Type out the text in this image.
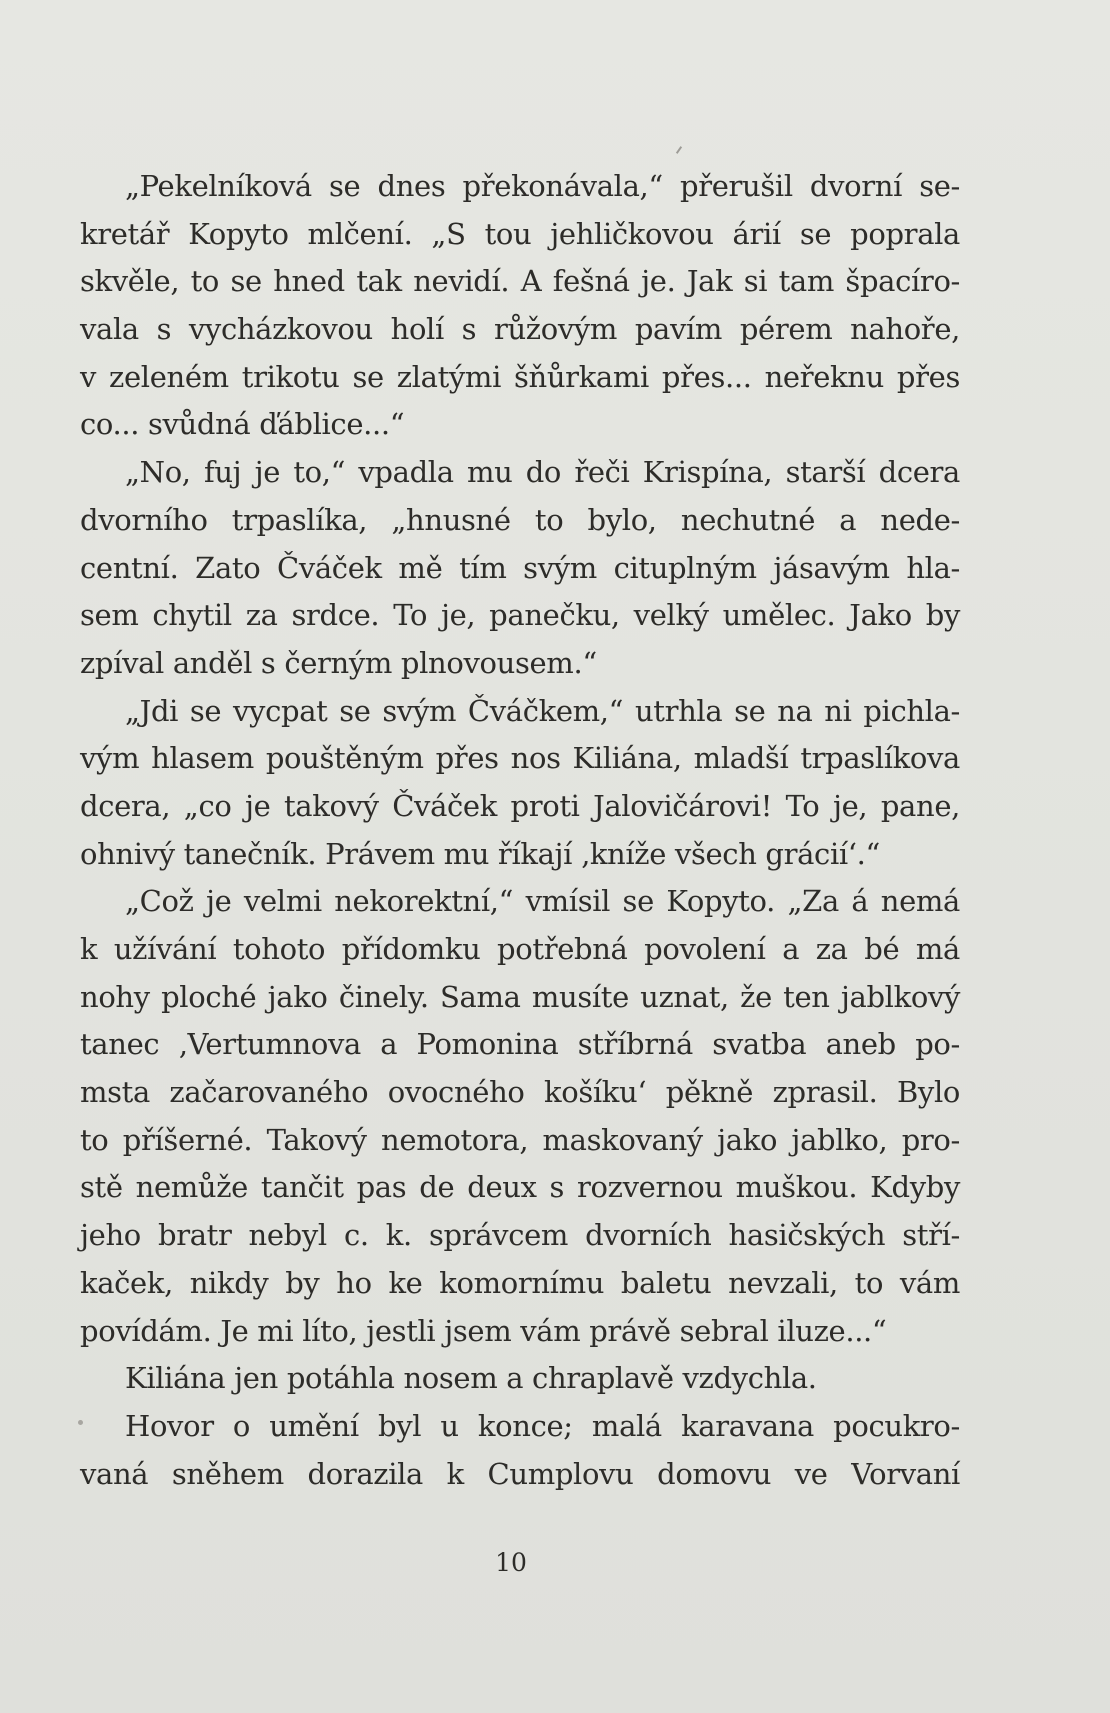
„Pekelníková se dnes překonávala,“ přerušil dvorní se-
kretář Kopyto mlčení. „S tou jehličkovou árií se poprala
skvěle, to se hned tak nevidí. A fešná je. Jak si tam špacíro-
vala s vycházkovou holí s růžovým pavím pérem nahoře,
v zeleném trikotu se zlatými šňůrkami přes... neřeknu přes
co... svůdná ďáblice...“
„No, fuj je to,“ vpadla mu do řeči Krispína, starší dcera
dvorního trpaslíka, „hnusné to bylo, nechutné a nede-
centní. Zato Čváček mě tím svým cituplným jásavým hla-
sem chytil za srdce. To je, panečku, velký umělec. Jako by
zpíval anděl s černým plnovousem.“
„Jdi se vycpat se svým Čváčkem,“ utrhla se na ni pichla-
vým hlasem pouštěným přes nos Kiliána, mladší trpaslíkova
dcera, „co je takový Čváček proti Jalovičárovi! To je, pane,
ohnivý tanečník. Právem mu říkají ‚kníže všech grácií‘.“
„Což je velmi nekorektní,“ vmísil se Kopyto. „Za á nemá
k užívání tohoto přídomku potřebná povolení a za bé má
nohy ploché jako činely. Sama musíte uznat, že ten jablkový
tanec ‚Vertumnova a Pomonina stříbrná svatba aneb po-
msta začarovaného ovocného košíku‘ pěkně zprasil. Bylo
to příšerné. Takový nemotora, maskovaný jako jablko, pro-
stě nemůže tančit pas de deux s rozvernou muškou. Kdyby
jeho bratr nebyl c. k. správcem dvorních hasičských stří-
kaček, nikdy by ho ke komornímu baletu nevzali, to vám
povídám. Je mi líto, jestli jsem vám právě sebral iluze...“
Kiliána jen potáhla nosem a chraplavě vzdychla.
Hovor o umění byl u konce; malá karavana pocukro-
vaná sněhem dorazila k Cumplovu domovu ve Vorvaní
10
